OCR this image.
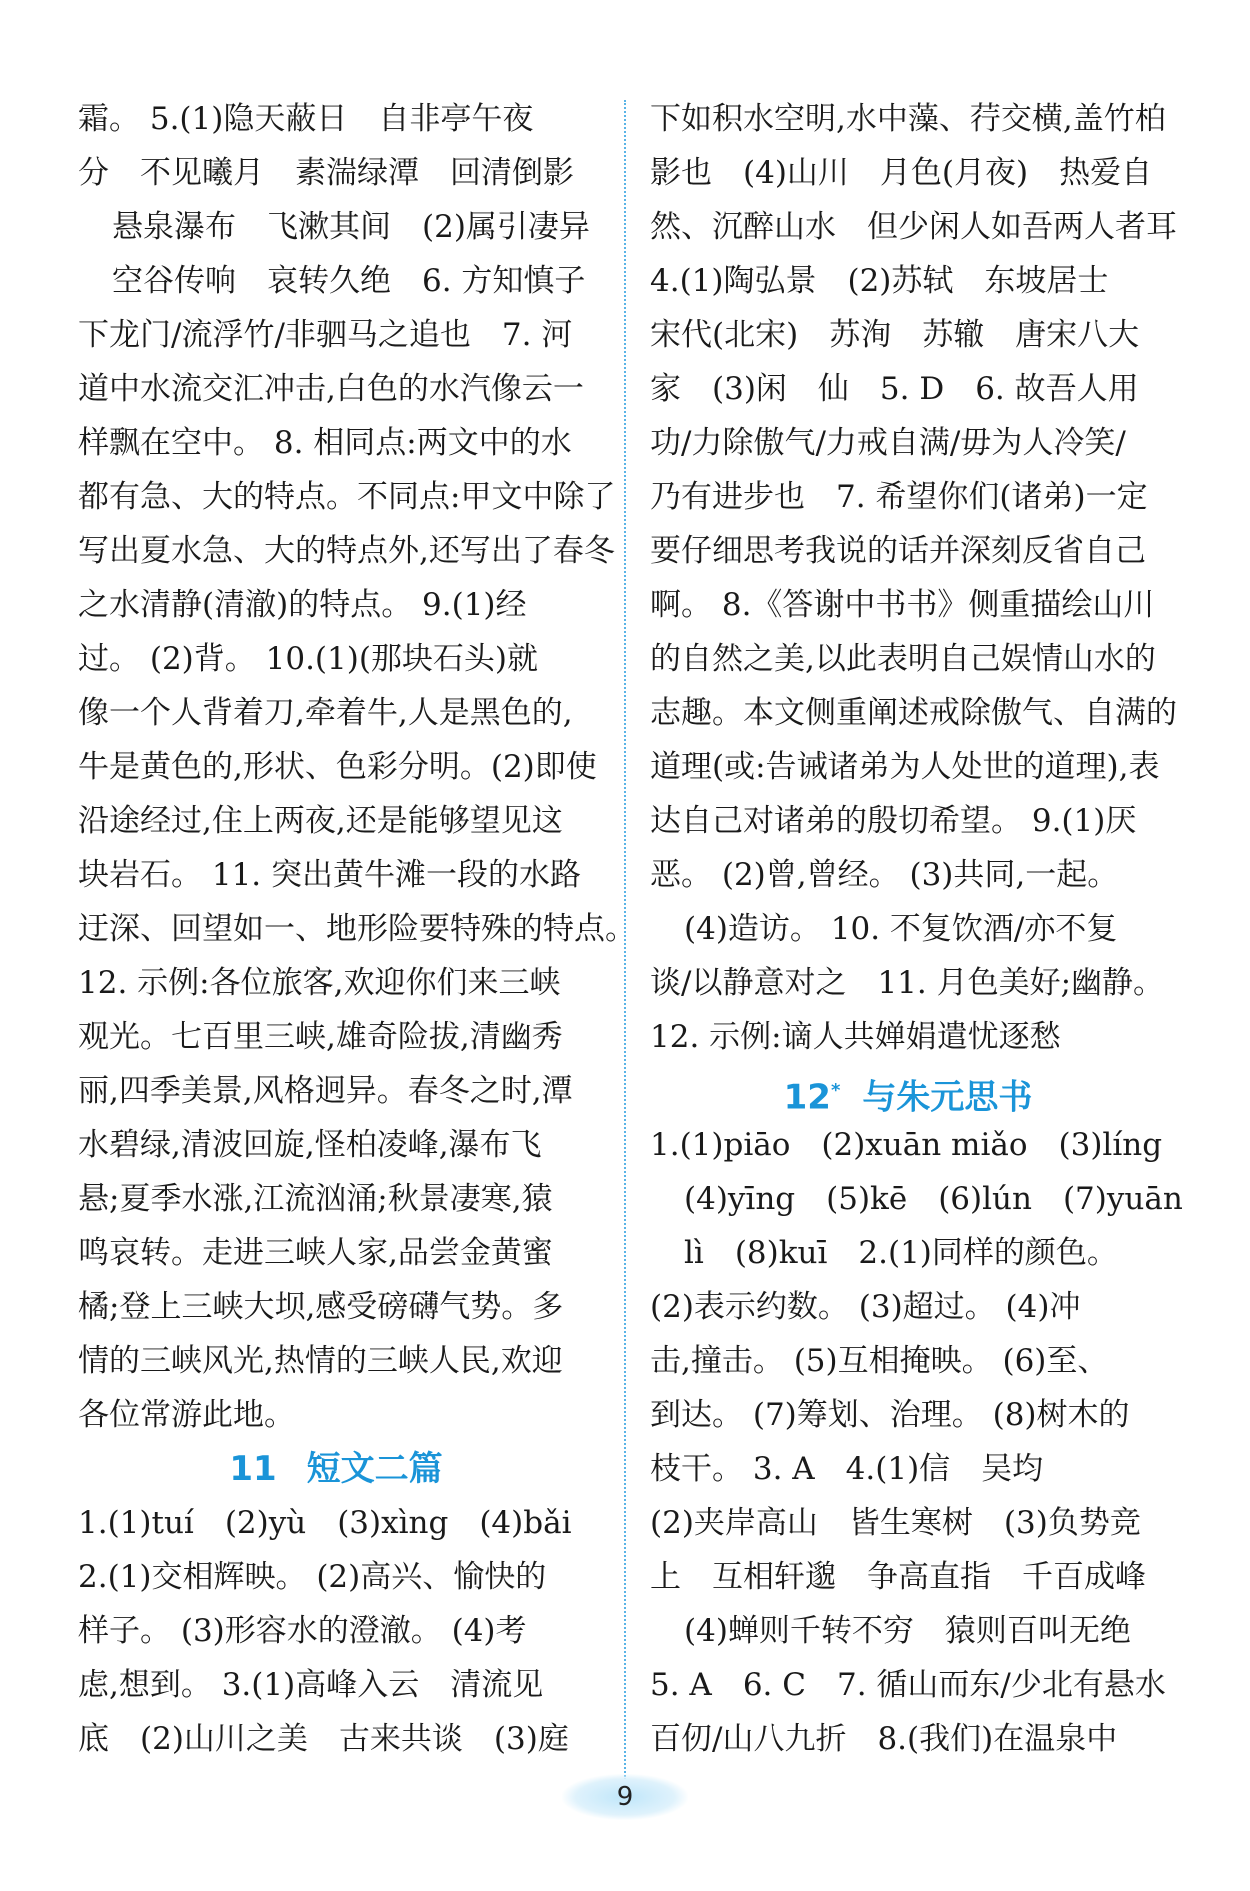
霜。 5.(1)隐天蔽日　自非亭午夜
分　不见曦月　素湍绿潭　回清倒影
悬泉瀑布　飞漱其间　(2)属引凄异
空谷传响　哀转久绝　6. 方知慎子
下龙门/流浮竹/非驷马之追也　7. 河
道中水流交汇冲击,白色的水汽像云一
样飘在空中。 8. 相同点:两文中的水
都有急、大的特点。不同点:甲文中除了
写出夏水急、大的特点外,还写出了春冬
之水清静(清澈)的特点。 9.(1)经
过。 (2)背。 10.(1)(那块石头)就
像一个人背着刀,牵着牛,人是黑色的,
牛是黄色的,形状、色彩分明。(2)即使
沿途经过,住上两夜,还是能够望见这
块岩石。 11. 突出黄牛滩一段的水路
迂深、回望如一、地形险要特殊的特点。
12. 示例:各位旅客,欢迎你们来三峡
观光。七百里三峡,雄奇险拔,清幽秀
丽,四季美景,风格迥异。春冬之时,潭
水碧绿,清波回旋,怪柏凌峰,瀑布飞
悬;夏季水涨,江流汹涌;秋景凄寒,猿
鸣哀转。走进三峡人家,品尝金黄蜜
橘;登上三峡大坝,感受磅礴气势。多
情的三峡风光,热情的三峡人民,欢迎
各位常游此地。
11 短文二篇
1.(1)tuí　(2)yù　(3)xìng　(4)bǎi
2.(1)交相辉映。 (2)高兴、愉快的
样子。 (3)形容水的澄澈。 (4)考
虑,想到。 3.(1)高峰入云　清流见
底　(2)山川之美　古来共谈　(3)庭
下如积水空明,水中藻、荇交横,盖竹柏
影也　(4)山川　月色(月夜)　热爱自
然、沉醉山水　但少闲人如吾两人者耳
4.(1)陶弘景　(2)苏轼　东坡居士
宋代(北宋)　苏洵　苏辙　唐宋八大
家　(3)闲　仙　5. D　6. 故吾人用
功/力除傲气/力戒自满/毋为人冷笑/
乃有进步也　7. 希望你们(诸弟)一定
要仔细思考我说的话并深刻反省自己
啊。 8.《答谢中书书》侧重描绘山川
的自然之美,以此表明自己娱情山水的
志趣。本文侧重阐述戒除傲气、自满的
道理(或:告诫诸弟为人处世的道理),表
达自己对诸弟的殷切希望。 9.(1)厌
恶。 (2)曾,曾经。 (3)共同,一起。
(4)造访。 10. 不复饮酒/亦不复
谈/以静意对之　11. 月色美好;幽静。
12. 示例:谪人共婵娟遣忧逐愁
12* 与朱元思书
1.(1)piāo　(2)xuān miǎo　(3)líng
(4)yīng　(5)kē　(6)lún　(7)yuān
lì　(8)kuī　2.(1)同样的颜色。
(2)表示约数。 (3)超过。 (4)冲
击,撞击。 (5)互相掩映。 (6)至、
到达。 (7)筹划、治理。 (8)树木的
枝干。 3. A　4.(1)信　吴均
(2)夹岸高山　皆生寒树　(3)负势竞
上　互相轩邈　争高直指　千百成峰
(4)蝉则千转不穷　猿则百叫无绝
5. A　6. C　7. 循山而东/少北有悬水
百仞/山八九折　8.(我们)在温泉中
9
